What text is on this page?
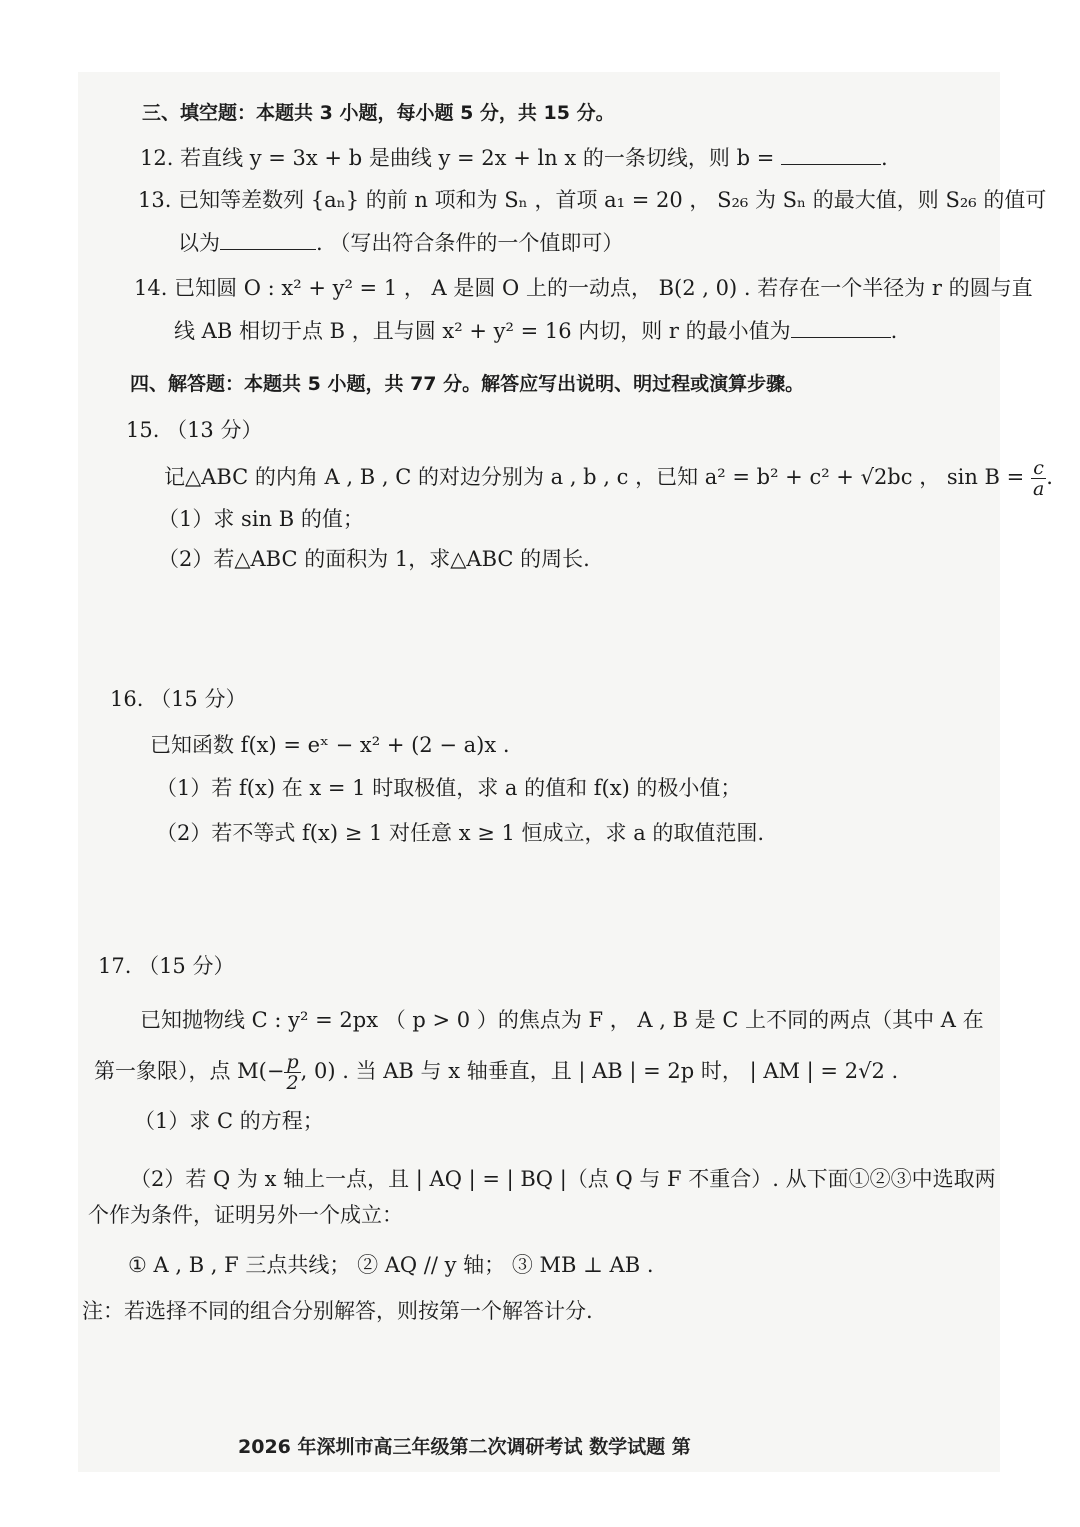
三、填空题：本题共 3 小题，每小题 5 分，共 15 分。
12. 若直线 y = 3x + b 是曲线 y = 2x + ln x 的一条切线，则 b =	.
13. 已知等差数列 {aₙ} 的前 n 项和为 Sₙ ，首项 a₁ = 20 ， S₂₆ 为 Sₙ 的最大值，则 S₂₆ 的值可
以为	. （写出符合条件的一个值即可）
14. 已知圆 O : x² + y² = 1 ， A 是圆 O 上的一动点， B(2 , 0) . 若存在一个半径为 r 的圆与直
线 AB 相切于点 B ，且与圆 x² + y² = 16 内切，则 r 的最小值为	.
四、解答题：本题共 5 小题，共 77 分。解答应写出说明、明过程或演算步骤。
15. （13 分）
记△ABC 的内角 A , B , C 的对边分别为 a , b , c ，已知 a² = b² + c² + √2bc ， $\sin B = \frac{c}{a}$ .
（1）求 sin B 的值；
（2）若△ABC 的面积为 1，求△ABC 的周长.
16. （15 分）
已知函数 f(x) = eˣ − x² + (2 − a)x .
（1）若 f(x) 在 x = 1 时取极值，求 a 的值和 f(x) 的极小值；
（2）若不等式 f(x) ≥ 1 对任意 x ≥ 1 恒成立，求 a 的取值范围.
17. （15 分）
已知抛物线 C : y² = 2px （ p > 0 ）的焦点为 F ， A , B 是 C 上不同的两点（其中 A 在
第一象限），点 $M(- \frac{p}{2}$ , 0) . 当 AB 与 x 轴垂直，且 | AB | = 2p 时， | AM | = 2√2 .
（1）求 C 的方程；
（2）若 Q 为 x 轴上一点，且 | AQ | = | BQ |（点 Q 与 F 不重合）. 从下面①②③中选取两
个作为条件，证明另外一个成立：
① A , B , F 三点共线； ② AQ // y 轴； ③ MB ⊥ AB .
注：若选择不同的组合分别解答，则按第一个解答计分.
2026 年深圳市高三年级第二次调研考试 数学试题 第
